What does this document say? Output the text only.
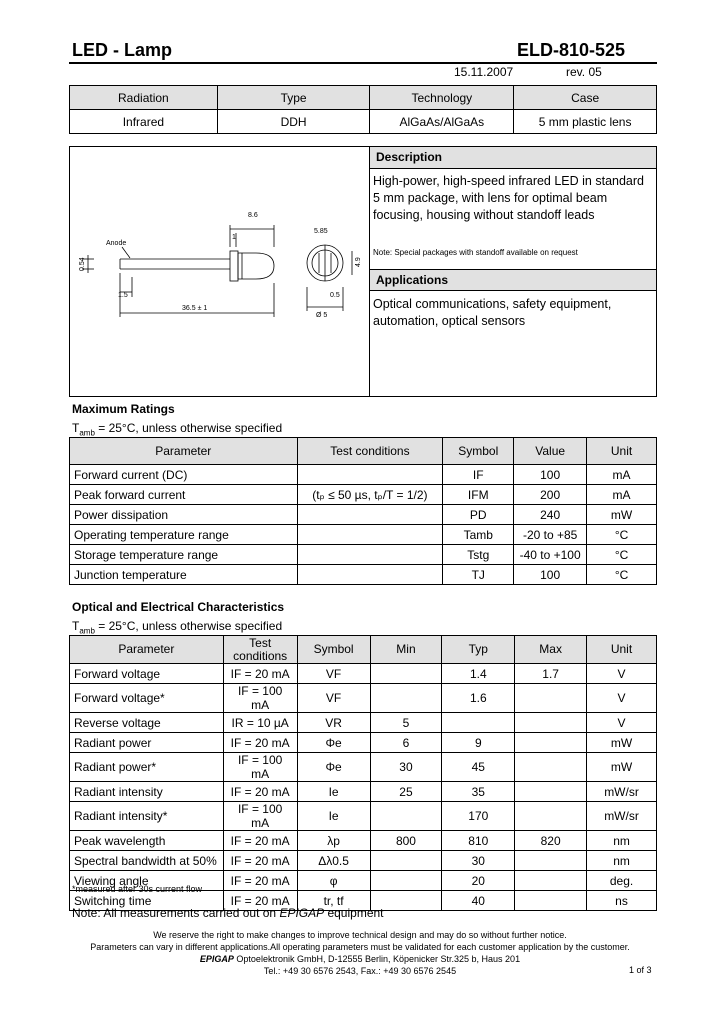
LED - Lamp	ELD-810-525
15.11.2007	rev. 05
Radiation	Type	Technology	Case
Infrared	DDH	AlGaAs/AlGaAs	5 mm plastic lens
Anode
8.6
1
5.85
0.54
1.5
36.5 ± 1
0.5
Ø 5
4.9
Description
High-power, high-speed infrared LED in standard 5 mm package, with lens for optimal beam focusing, housing without standoff leads
Note: Special packages with standoff available on request
Applications
Optical communications, safety equipment, automation, optical sensors
Maximum Ratings
$T_{amb} = 25^\circ C$, unless otherwise specified
Parameter	Test conditions	Symbol	Value	Unit
Forward current (DC)		IF	100	mA
Peak forward current	(tₚ ≤ 50 µs, tₚ/T = 1/2)	IFM	200	mA
Power dissipation		PD	240	mW
Operating temperature range		Tamb	-20 to +85	°C
Storage temperature range		Tstg	-40 to +100	°C
Junction temperature		TJ	100	°C
Optical and Electrical Characteristics
$T_{amb} = 25^\circ C$, unless otherwise specified
Parameter	Test conditions	Symbol	Min	Typ	Max	Unit
Forward voltage	IF = 20 mA	VF		1.4	1.7	V
Forward voltage*	IF = 100 mA	VF		1.6		V
Reverse voltage	IR = 10 µA	VR	5			V
Radiant power	IF = 20 mA	Φe	6	9		mW
Radiant power*	IF = 100 mA	Φe	30	45		mW
Radiant intensity	IF = 20 mA	Ie	25	35		mW/sr
Radiant intensity*	IF = 100 mA	Ie		170		mW/sr
Peak wavelength	IF = 20 mA	λp	800	810	820	nm
Spectral bandwidth at 50%	IF = 20 mA	Δλ0.5		30		nm
Viewing angle	IF = 20 mA	φ		20		deg.
Switching time	IF = 20 mA	tr, tf		40		ns
*measured after 30s current flow
Note: All measurements carried out on EPIGAP equipment
We reserve the right to make changes to improve technical design and may do so without further notice.
Parameters can vary in different applications.All operating parameters must be validated for each customer application by the customer.
EPIGAP Optoelektronik GmbH, D-12555 Berlin, Köpenicker Str.325 b, Haus 201
Tel.: +49 30 6576 2543, Fax.: +49 30 6576 2545	1 of 3
